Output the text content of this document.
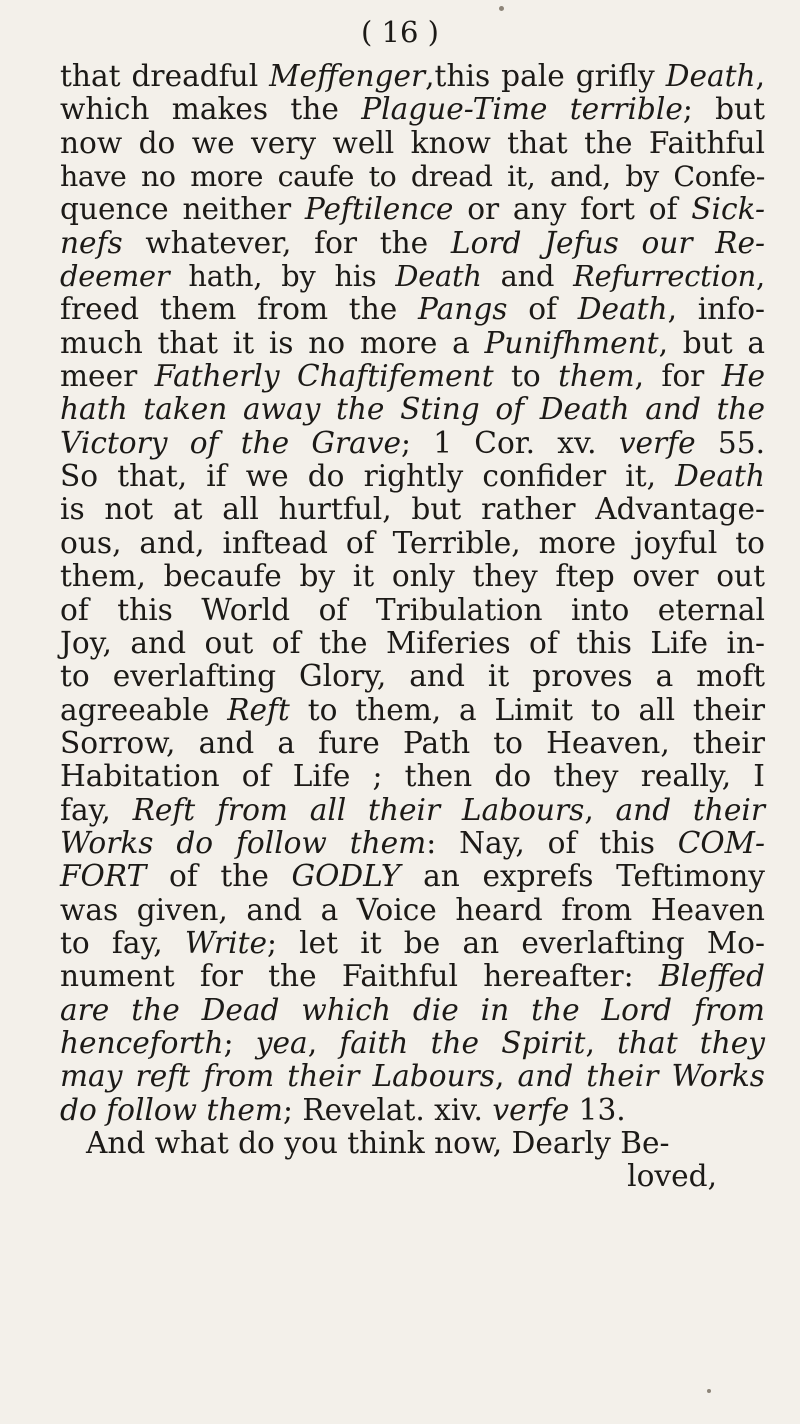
( 16 )
that dreadful Meffenger,this pale grifly Death,
which makes the Plague-Time terrible; but
now do we very well know that the Faithful
have no more caufe to dread it, and, by Confe-
quence neither Peftilence or any fort of Sick-
nefs whatever, for the Lord Jefus our Re-
deemer hath, by his Death and Refurrection,
freed them from the Pangs of Death, info-
much that it is no more a Punifhment, but a
meer Fatherly Chaftifement to them, for He
hath taken away the Sting of Death and the
Victory of the Grave; 1 Cor. xv. verfe 55.
So that, if we do rightly confider it, Death
is not at all hurtful, but rather Advantage-
ous, and, inftead of Terrible, more joyful to
them, becaufe by it only they ftep over out
of this World of Tribulation into eternal
Joy, and out of the Miferies of this Life in-
to everlafting Glory, and it proves a moft
agreeable Reft to them, a Limit to all their
Sorrow, and a fure Path to Heaven, their
Habitation of Life ; then do they really, I
fay, Reft from all their Labours, and their
Works do follow them: Nay, of this COM-
FORT of the GODLY an exprefs Teftimony
was given, and a Voice heard from Heaven
to fay, Write; let it be an everlafting Mo-
nument for the Faithful hereafter: Bleffed
are the Dead which die in the Lord from
henceforth; yea, faith the Spirit, that they
may reft from their Labours, and their Works
do follow them; Revelat. xiv. verfe 13.
And what do you think now, Dearly Be-
loved,
